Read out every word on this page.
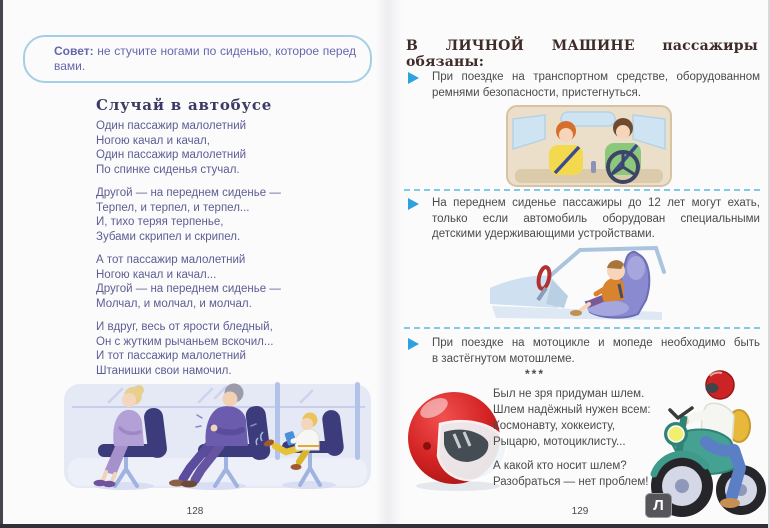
Совет: не стучите ногами по сиденью, которое перед

вами.

Случай в автобусе
Один пассажир малолетний
Ногою качал и качал,
Один пассажир малолетний
По спинке сиденья стучал.
Другой — на переднем сиденье —
Терпел, и терпел, и терпел...
И, тихо теряя терпенье,
Зубами скрипел и скрипел.
А тот пассажир малолетний
Ногою качал и качал...
Другой — на переднем сиденье —
Молчал, и молчал, и молчал.
И вдруг, весь от ярости бледный,
Он с жутким рычаньем вскочил...
И тот пассажир малолетний
Штанишки свои намочил.
128
В ЛИЧНОЙ МАШИНЕ пассажиры обязаны:
При поездке на транспортном средстве, оборудованном
ремнями безопасности, пристегнуться.
На переднем сиденье пассажиры до 12 лет могут ехать,
только если автомобиль оборудован специальными
детскими удерживающими устройствами.
При поездке на мотоцикле и мопеде необходимо быть
в застёгнутом мотошлеме.
***
Был не зря придуман шлем.
Шлем надёжный нужен всем:
Космонавту, хоккеисту,
Рыцарю, мотоциклисту...
А какой кто носит шлем?
Разобраться — нет проблем!
Л
129
